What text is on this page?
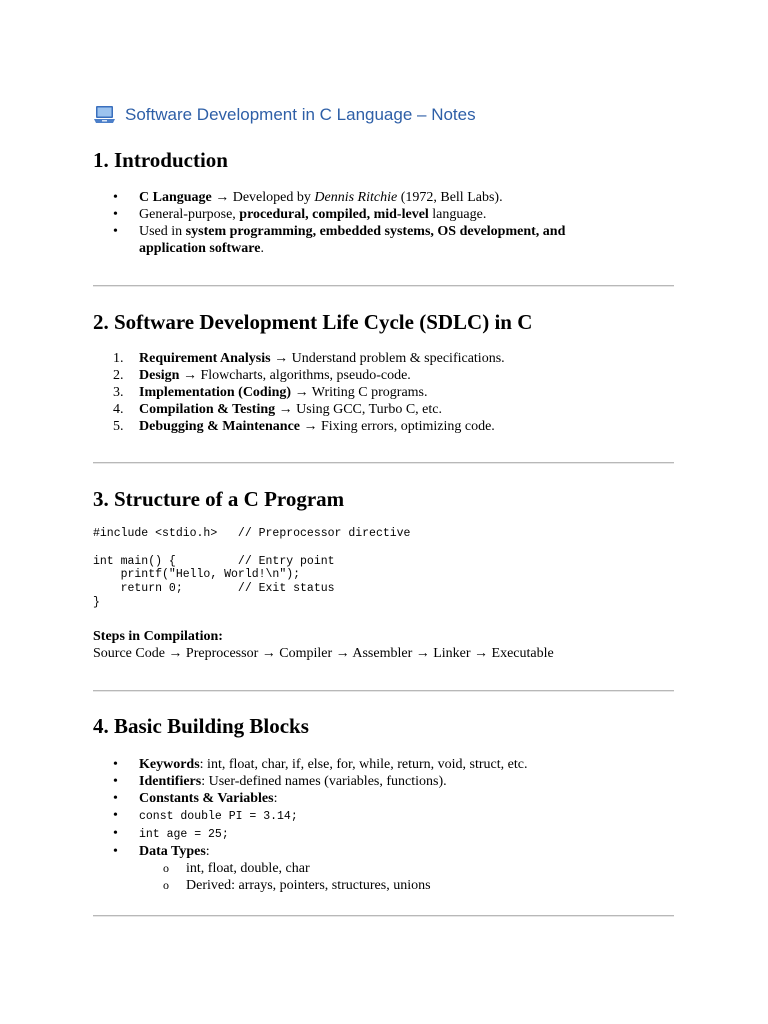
Software Development in C Language – Notes
1. Introduction
• C Language → Developed by Dennis Ritchie (1972, Bell Labs).
• General-purpose, procedural, compiled, mid-level language.
• Used in system programming, embedded systems, OS development, and application software.
2. Software Development Life Cycle (SDLC) in C
1. Requirement Analysis → Understand problem & specifications.
2. Design → Flowcharts, algorithms, pseudo-code.
3. Implementation (Coding) → Writing C programs.
4. Compilation & Testing → Using GCC, Turbo C, etc.
5. Debugging & Maintenance → Fixing errors, optimizing code.
3. Structure of a C Program
#include <stdio.h>   // Preprocessor directive

int main() {         // Entry point
printf("Hello, World!\n");
return 0;        // Exit status
}

Steps in Compilation:

Source Code → Preprocessor → Compiler → Assembler → Linker → Executable

4. Basic Building Blocks
• Keywords: int, float, char, if, else, for, while, return, void, struct, etc.
• Identifiers: User-defined names (variables, functions).
• Constants & Variables:
• const double PI = 3.14;
• int age = 25;
• Data Types:
o int, float, double, char
o Derived: arrays, pointers, structures, unions
